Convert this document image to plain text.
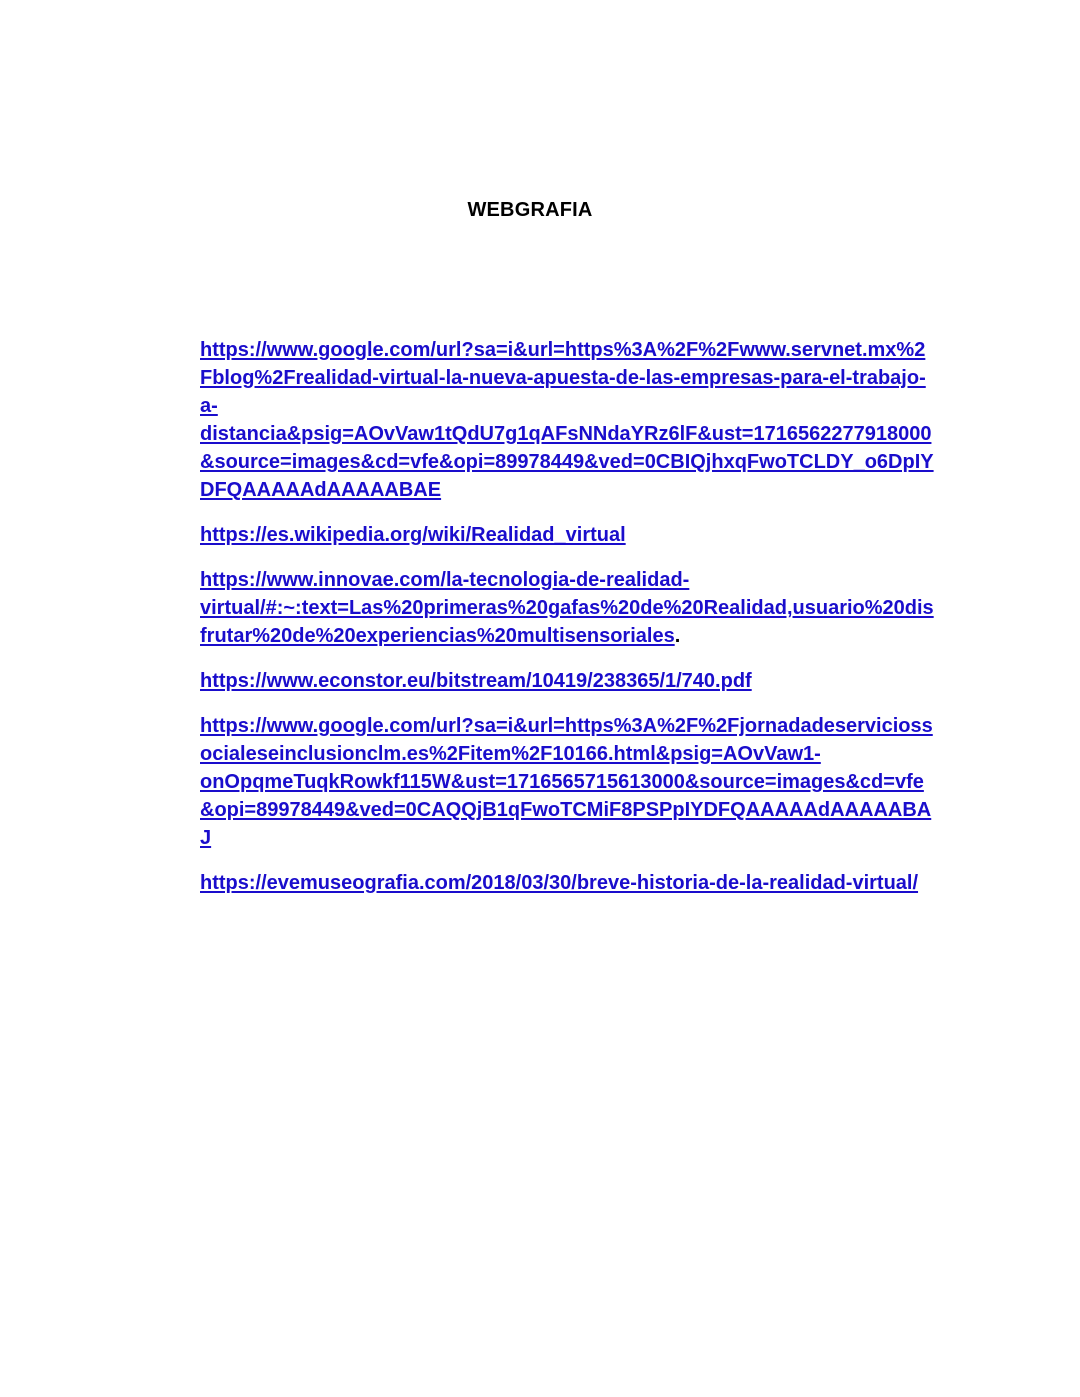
WEBGRAFIA
https://www.google.com/url?sa=i&url=https%3A%2F%2Fwww.servnet.mx%2
Fblog%2Frealidad-virtual-la-nueva-apuesta-de-las-empresas-para-el-trabajo-
a-
distancia&psig=AOvVaw1tQdU7g1qAFsNNdaYRz6lF&ust=1716562277918000
&source=images&cd=vfe&opi=89978449&ved=0CBIQjhxqFwoTCLDY_o6DpIY
DFQAAAAAdAAAAABAE
https://es.wikipedia.org/wiki/Realidad_virtual
https://www.innovae.com/la-tecnologia-de-realidad-
virtual/#:~:text=Las%20primeras%20gafas%20de%20Realidad,usuario%20dis
frutar%20de%20experiencias%20multisensoriales.
https://www.econstor.eu/bitstream/10419/238365/1/740.pdf
https://www.google.com/url?sa=i&url=https%3A%2F%2Fjornadadeservicioss
ocialeseinclusionclm.es%2Fitem%2F10166.html&psig=AOvVaw1-
onOpqmeTuqkRowkf115W&ust=1716565715613000&source=images&cd=vfe
&opi=89978449&ved=0CAQQjB1qFwoTCMiF8PSPpIYDFQAAAAAdAAAAABA
J
https://evemuseografia.com/2018/03/30/breve-historia-de-la-realidad-virtual/
